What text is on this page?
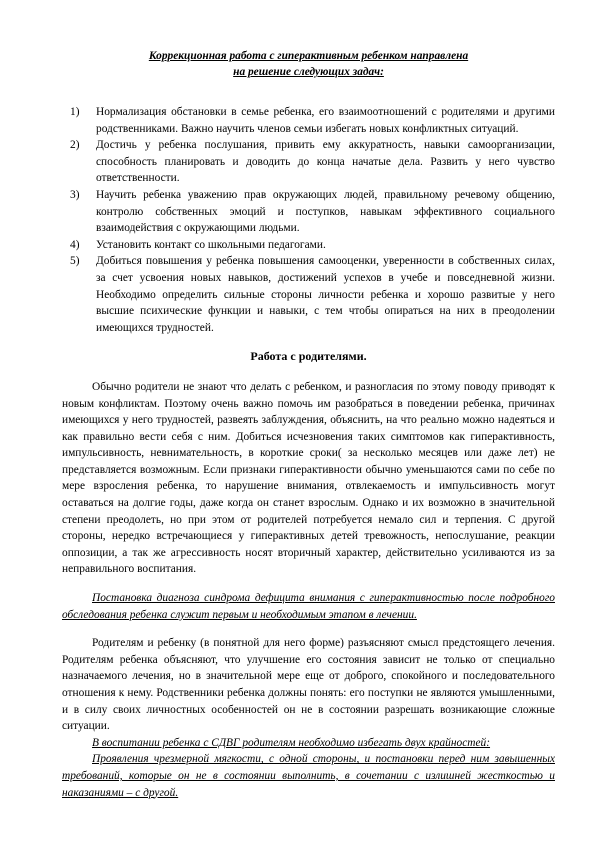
Коррекционная работа с гиперактивным ребенком направлена
на решение следующих задач:
1) Нормализация обстановки в семье ребенка, его взаимоотношений с родителями и другими родственниками. Важно научить членов семьи избегать новых конфликтных ситуаций.
2) Достичь у ребенка послушания, привить ему аккуратность, навыки самоорганизации, способность планировать и доводить до конца начатые дела. Развить у него чувство ответственности.
3) Научить ребенка уважению прав окружающих людей, правильному речевому общению, контролю собственных эмоций и поступков, навыкам эффективного социального взаимодействия с окружающими людьми.
4) Установить контакт со школьными педагогами.
5) Добиться повышения у ребенка повышения самооценки, уверенности в собственных силах, за счет усвоения новых навыков, достижений успехов в учебе и повседневной жизни. Необходимо определить сильные стороны личности ребенка и хорошо развитые у него высшие психические функции и навыки, с тем чтобы опираться на них в преодолении имеющихся трудностей.
Работа с родителями.

Обычно родители не знают что делать с ребенком, и разногласия по этому поводу приводят к новым конфликтам. Поэтому очень важно помочь им разобраться в поведении ребенка, причинах имеющихся у него трудностей, развеять заблуждения, объяснить, на что реально можно надеяться и как правильно вести себя с ним. Добиться исчезновения таких симптомов как гиперактивность, импульсивность, невнимательность, в короткие сроки( за несколько месяцев или даже лет) не представляется возможным. Если признаки гиперактивности обычно уменьшаются сами по себе по мере взросления ребенка, то нарушение внимания, отвлекаемость и импульсивность могут оставаться на долгие годы, даже когда он станет взрослым. Однако и их возможно в значительной степени преодолеть, но при этом от родителей потребуется немало сил и терпения. С другой стороны, нередко встречающиеся у гиперактивных детей тревожность, непослушание, реакции оппозиции, а так же агрессивность носят вторичный характер, действительно усиливаются из за неправильного воспитания.

Постановка диагноза синдрома дефицита внимания с гиперактивностью после подробного обследования ребенка служит первым и необходимым этапом в лечении.

Родителям и ребенку (в понятной для него форме) разъясняют смысл предстоящего лечения. Родителям ребенка объясняют, что улучшение его состояния зависит не только от специально назначаемого лечения, но в значительной мере еще от доброго, спокойного и последовательного отношения к нему. Родственники ребенка должны понять: его поступки не являются умышленными, и в силу своих личностных особенностей он не в состоянии разрешать возникающие сложные ситуации.

В воспитании ребенка с СДВГ родителям необходимо избегать двух крайностей:

Проявления чрезмерной мягкости, с одной стороны, и постановки перед ним завышенных требований, которые он не в состоянии выполнить, в сочетании с излишней жесткостью и наказаниями – с другой.
